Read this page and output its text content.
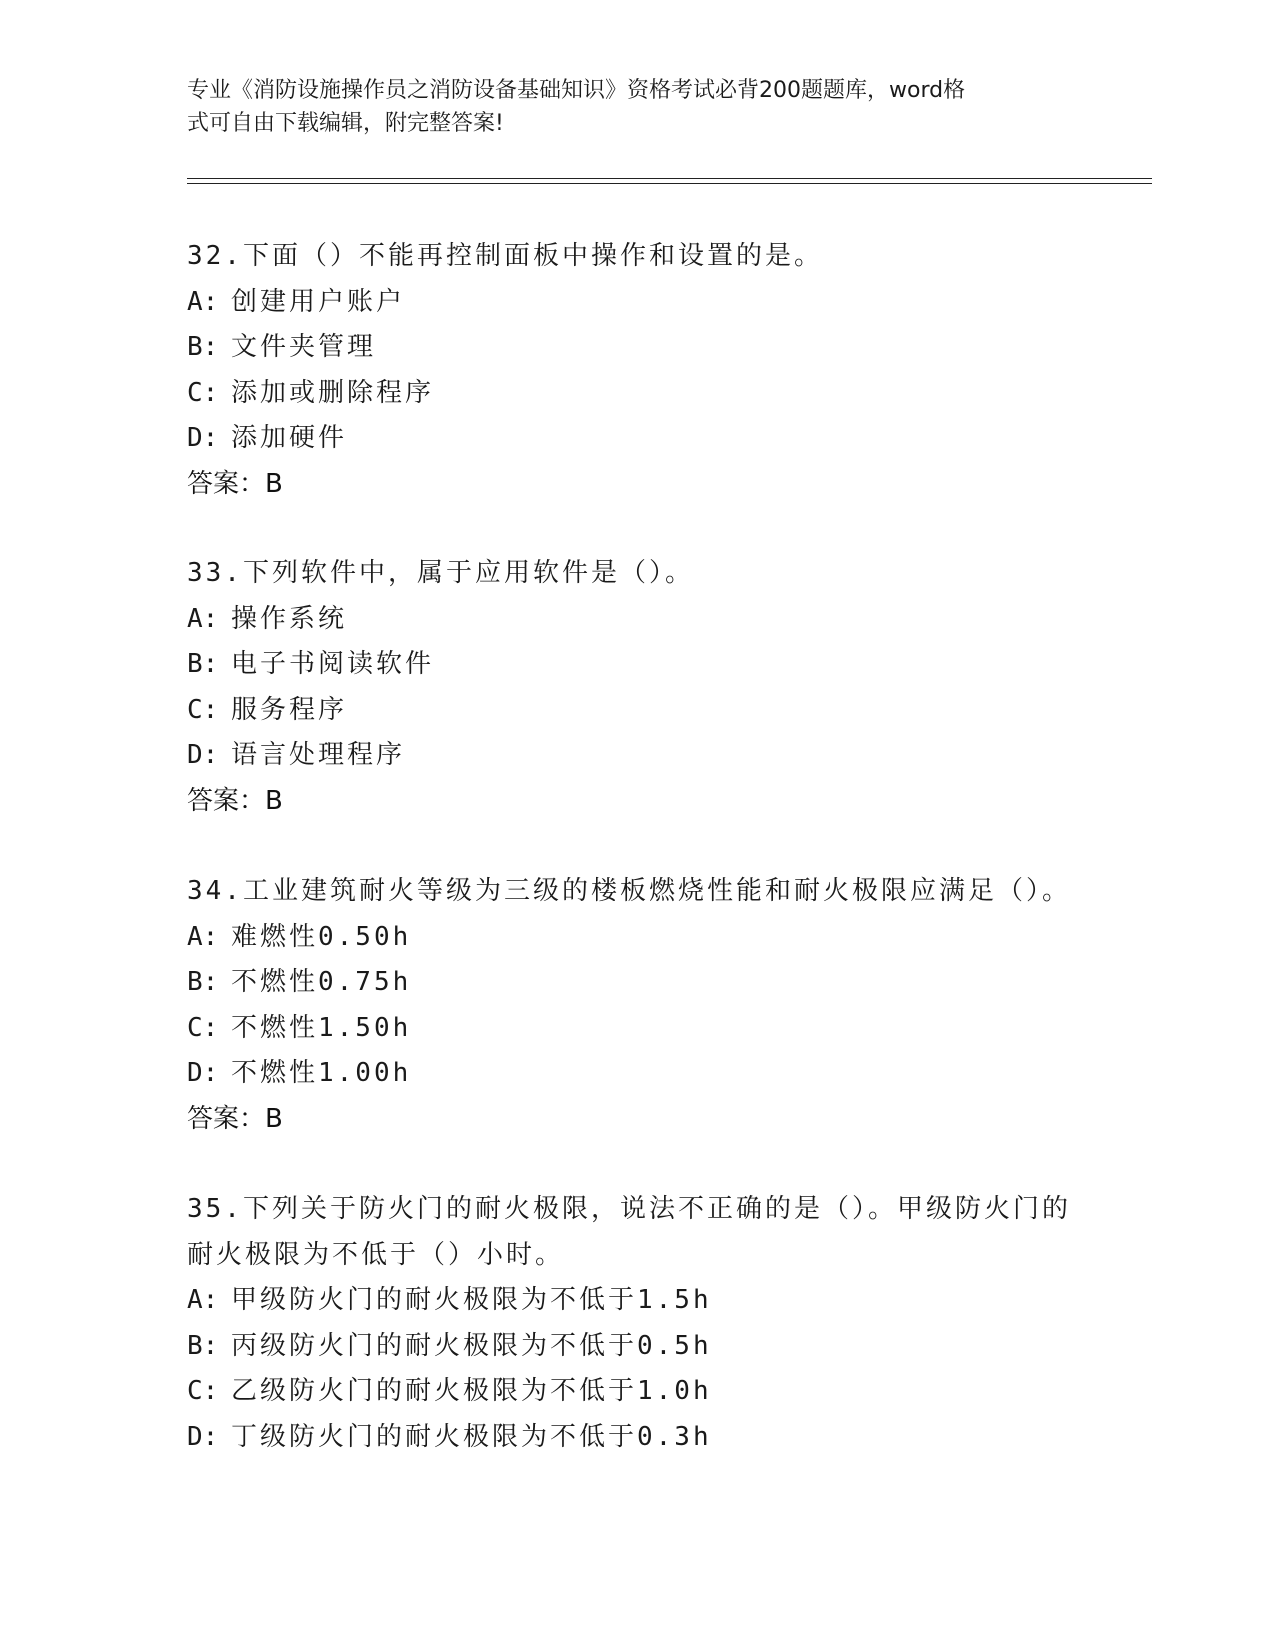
专业《消防设施操作员之消防设备基础知识》资格考试必背200题题库，word格
式可自由下载编辑，附完整答案!
32.下面（）不能再控制面板中操作和设置的是。
A: 创建用户账户
B: 文件夹管理
C: 添加或删除程序
D: 添加硬件
答案：B
33.下列软件中，属于应用软件是（）。
A: 操作系统
B: 电子书阅读软件
C: 服务程序
D: 语言处理程序
答案：B
34.工业建筑耐火等级为三级的楼板燃烧性能和耐火极限应满足（）。
A: 难燃性0.50h
B: 不燃性0.75h
C: 不燃性1.50h
D: 不燃性1.00h
答案：B
35.下列关于防火门的耐火极限，说法不正确的是（）。甲级防火门的耐火极限为不低于（）小时。
A: 甲级防火门的耐火极限为不低于1.5h
B: 丙级防火门的耐火极限为不低于0.5h
C: 乙级防火门的耐火极限为不低于1.0h
D: 丁级防火门的耐火极限为不低于0.3h
